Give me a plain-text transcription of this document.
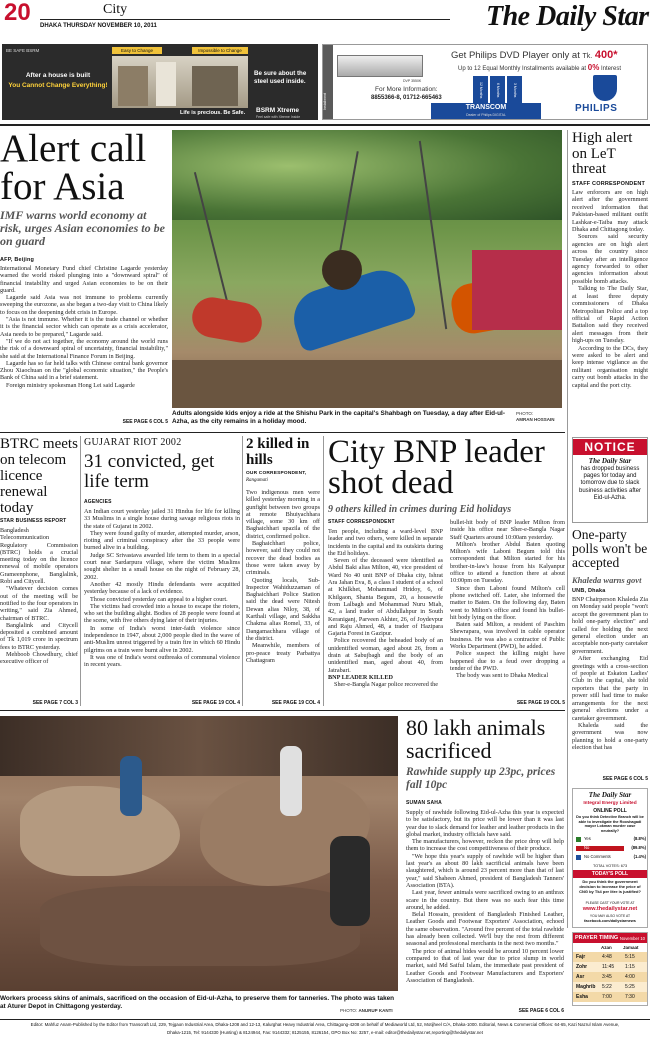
20	City
DHAKA THURSDAY NOVEMBER 10, 2011	The Daily Star
BE SAFE BSRM	Easy to Change	Impossible to Change
After a house is built
You Cannot Change Everything!
Be sure about the steel used inside.
Life is precious. Be Safe. BSRM Xtreme
Feel safe with Xtreme Inside
Installment
DVP 3550K
Get Philips DVD Player only at Tk. 400*
Up to 12 Equal Monthly Installments available at 0% Interest
For More Information:
8855366-8, 01712-665463	12 Months	6 Months	3 Months
TRANSCOM
Dealer of Philips DIGITAL
PHILIPS
Alert call for Asia
IMF warns world economy at risk, urges Asian economies to be on guard
AFP, Beijing

International Monetary Fund chief Christine Lagarde yesterday warned the world risked plunging into a "downward spiral" of financial instability and urged Asian economies to be on their guard.

Lagarde said Asia was not immune to problems currently sweeping the eurozone, as she began a two-day visit to China likely to focus on the deepening debt crisis in Europe.

"Asia is not immune. Whether it is the trade channel or whether it is the financial sector which can operate as a crisis accelerator, Asia needs to be prepared," Lagarde said.

"If we do not act together, the economy around the world runs the risk of a downward spiral of uncertainty, financial instability," she said at the International Finance Forum in Beijing.

Lagarde has so far held talks with Chinese central bank governor Zhou Xiaochuan on the "global economic situation," the People's Bank of China said in a brief statement.

Foreign ministry spokesman Hong Lei said Lagarde

SEE PAGE 6 COL 5
Adults alongside kids enjoy a ride at the Shishu Park in the capital's Shahbagh on Tuesday, a day after Eid-ul-Azha, as the city remains in a holiday mood.
PHOTO:
AMRAN HOSSAIN
High alert on LeT threat
STAFF CORRESPONDENT

Law enforcers are on high alert after the government received information that Pakistan-based militant outfit Lashkar-e-Taiba may attack Dhaka and Chittagong today.

Sources said security agencies are on high alert across the country since Tuesday after an intelligence agency forwarded to other agencies information about possible bomb attacks.

Talking to The Daily Star, at least three deputy commissioners of Dhaka Metropolitan Police and a top official of Rapid Action Battalion said they received alert messages from their high-ups on Tuesday.

According to the DCs, they were asked to be alert and keep intense vigilance as the militant organisation might carry out bomb attacks in the capital and the port city.

NOTICE
The Daily Star
has dropped business pages for today and tomorrow due to slack business activities after Eid-ul-Azha.
One-party polls won't be accepted
Khaleda warns govt
UNB, Dhaka

BNP Chairperson Khaleda Zia on Monday said people "won't accept the government plan to hold one-party election" and called for holding the next general election under an acceptable non-party caretaker government.

After exchanging Eid greetings with a cross-section of people at Eskaton Ladies' Club in the capital, she told reporters that the party in power still had time to make arrangements for the next general elections under a caretaker government.

Khaleda said the government was now planning to hold a one-party election that has

SEE PAGE 6 COL 5
The Daily Star
Integral Energy Limited
ONLINE POLL
Do you think Detective Branch will be able to investigate the Rooshagadi mayor Lokman murder case neutrally?
Yes	(8.8%)
No	(89.8%)
No Comments	(1.4%)
TOTAL VOTES: 673
TODAY'S POLL
Do you think the government decision to increase the price of CNG by Tk4 per litre is justified?
PLEASE CAST YOUR VOTE AT
www.thedailystar.net
YOU MAY ALSO VOTE AT
facebook.com/dailystarnews
PRAYER TIMING November 10
Azan Jamaat
Fajr	4:48	5:15
Zohr	11:45 1:15
Asr	3:45	4:00
Maghrib 5:22	5:25
Esha	7:00	7:30
BTRC meets on telecom licence renewal today
STAR BUSINESS REPORT

Bangladesh Telecommunication Regulatory Commission (BTRC) holds a crucial meeting today on the licence renewal of mobile operators Grameenphone, Banglalink, Robi and Citycell.

"Whatever decision comes out of the meeting will be notified to the four operators in writing," said Zia Ahmed, chairman of BTRC.

Banglalink and Citycell deposited a combined amount of Tk 1,019 crore in spectrum fees to BTRC yesterday.

Mehboob Chowdhury, chief executive officer of

SEE PAGE 7 COL 3
GUJARAT RIOT 2002
31 convicted, get life term
AGENCIES

An Indian court yesterday jailed 31 Hindus for life for killing 33 Muslims in a single house during savage religious riots in the state of Gujarat in 2002.

They were found guilty of murder, attempted murder, arson, rioting and criminal conspiracy after the 33 people were burned alive in a building.

Judge SC Srivastava awarded life term to them in a special court near Sardarpura village, where the victim Muslims sought shelter in a small house on the night of February 28, 2002.

Another 42 mostly Hindu defendants were acquitted yesterday because of a lack of evidence.

Those convicted yesterday can appeal to a higher court.

The victims had crowded into a house to escape the rioters, who set the building alight. Bodies of 28 people were found at the scene, with five others dying later of their injuries.

In some of India's worst inter-faith violence since independence in 1947, about 2,000 people died in the wave of anti-Muslim unrest triggered by a train fire in which 60 Hindu pilgrims on a train were burnt alive in 2002.

It was one of India's worst outbreaks of communal violence in recent years.

SEE PAGE 19 COL 4
2 killed in hills
OUR CORRESPONDENT,
Rangamati

Two indigenous men were killed yesterday morning in a gunfight between two groups at remote Bhuiyachhara village, some 30 km off Baghaichhari upazila of the district, confirmed police.

Baghaichhari police, however, said they could not recover the dead bodies as those were taken away by criminals.

Quoting locals, Sub-Inspector Wahiduzzaman of Baghaichhari Police Station said the dead were Nitesh Dewan alias Niloy, 38, of Karthali village, and Sakkha Chakma alias Romel, 33, of Dangamachhara village of the district.

Meanwhile, members of pro-peace treaty Parbattya Chattagram

SEE PAGE 19 COL 4
City BNP leader shot dead
9 others killed in crimes during Eid holidays
STAFF CORRESPONDENT

Ten people, including a ward-level BNP leader and two others, were killed in separate incidents in the capital and its outskirts during the Eid holidays.

Seven of the deceased were identified as Abdul Baki alias Milton, 40, vice president of Ward No 40 unit BNP of Dhaka city, Ishrat Ara Jahan Eva, 8, a class I student of a school at Khilkhet, Mohammad Hridoy, 6, of Khilgaon, Shanta Begum, 20, a housewife from Lalbagh and Mohammad Nuru Miah, 42, a land trader of Abdullahpur in South Keraniganj, Parveen Akhter, 26, of Joydevpur and Raju Ahmed, 48, a trader of Hazipara Gajaria Forest in Gazipur.

Police recovered the beheaded body of an unidentified woman, aged about 26, from a drain at Sabujbagh and the body of an unidentified man, aged about 40, from Jatrabari.

BNP LEADER KILLED

Sher-e-Bangla Nagar police recovered the

bullet-hit body of BNP leader Milton from inside his office near Sher-e-Bangla Nagar Staff Quarters around 10:00am yesterday.

Milton's brother Abdul Baten quoting Milton's wife Laboni Begum told this correspondent that Milton started for his brother-in-law's house from his Kalyanpur office to attend a function there at about 10:00pm on Tuesday.

Since then Laboni found Milton's cell phone switched off. Later, she informed the matter to Baten. On the following day, Baten went to Milton's office and found his bullet-hit body lying on the floor.

Baten said Milton, a resident of Paschim Shewrapara, was involved in cable operator business. He was also a contractor of Public Works Department (PWD), he added.

Police suspect the killing might have happened due to a feud over dropping a tender of the PWD.

The body was sent to Dhaka Medical

SEE PAGE 19 COL 5
Workers process skins of animals, sacrificed on the occasion of Eid-ul-Azha, to preserve them for tanneries. The photo was taken at Aturer Depot in Chittagong yesterday.
PHOTO: ANURUP KANTI
80 lakh animals sacrificed
Rawhide supply up 23pc, prices fall 10pc
SUMAN SAHA

Supply of rawhide following Eid-ul-Azha this year is expected to be satisfactory, but its price will be lower than it was last year due to slack demand for leather and leather products in the global market, industry officials have said.

The manufacturers, however, reckon the price drop will help them to increase the cost competitiveness of their produce.

"We hope this year's supply of rawhide will be higher than last year's as about 80 lakh sacrificial animals have been slaughtered, which is around 23 percent more than that of last year," said Shaheen Ahmed, president of Bangladesh Tanners' Association (BTA).

Last year, fewer animals were sacrificed owing to an anthrax scare in the country. But there was no such fear this time around, he added.

Belal Hossain, president of Bangladesh Finished Leather, Leather Goods and Footwear Exporters' Association, echoed the same observation. "Around five percent of the total rawhide has already been collected. We'll buy the rest from different seasonal and professional merchants in the next two months."

The price of animal hides would be around 10 percent lower compared to that of last year due to price slump in world market, said Md Saiful Islam, the immediate past president of Leather Goods and Footwear Manufacturers and Exporters' Association of Bangladesh.

SEE PAGE 6 COL 6
Editor: Mahfuz Anam-Published by the Editor from Transcraft Ltd, 229, Tejgaon Industrial Area, Dhaka-1208 and 12-13, Kalurghat Heavy Industrial Area, Chittagong-4208 on behalf of Mediaworld Ltd, 52, Motijheel C/A, Dhaka-1000. Editorial, News & Commercial Offices: 64-65, Kazi Nazrul Islam Avenue,
Dhaka-1215, Tel: 9144330 (Hunting) & 8124944, Fax: 9144332; 8125155, 8126154, GPO Box No: 3257, e-mail: editor@thedailystar.net,reporting@thedailystar.net
